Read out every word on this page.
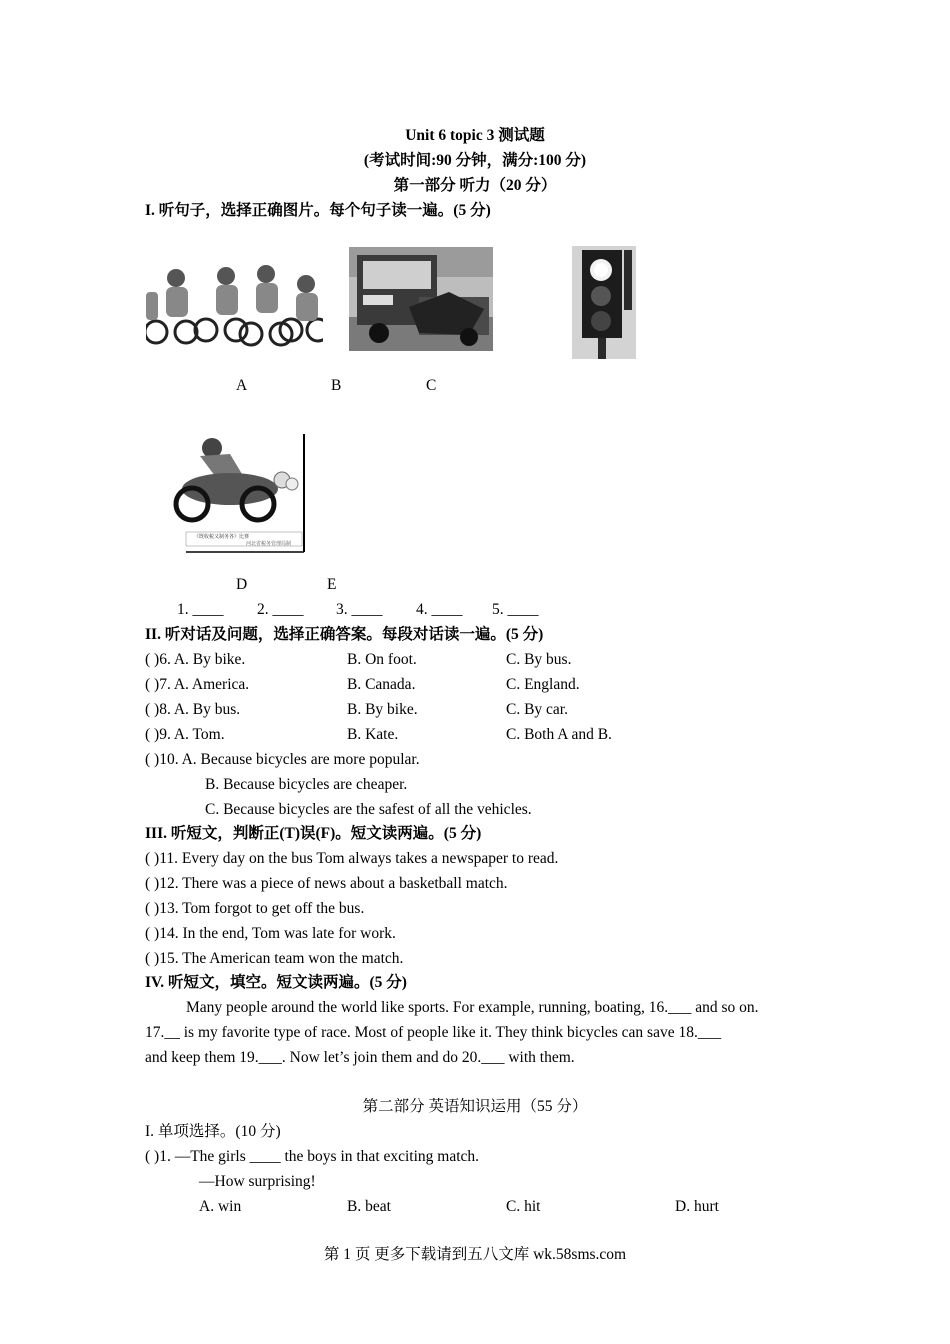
Unit 6 topic 3 测试题
(考试时间:90 分钟，满分:100 分)
第一部分 听力（20 分）
I. 听句子，选择正确图片。每个句子读一遍。(5 分)
A	B	C
《既收税又制务各》比赛
河北省税务管理局制
D	E
1. ____ 2. ____ 3. ____ 4. ____ 5. ____
II. 听对话及问题，选择正确答案。每段对话读一遍。(5 分)
( )6. A. By bike.	B. On foot.	C. By bus.
( )7. A. America.	B. Canada.	C. England.
( )8. A. By bus.	B. By bike.	C. By car.
( )9. A. Tom.	B. Kate.	C. Both A and B.
( )10. A. Because bicycles are more popular.
B. Because bicycles are cheaper.
C. Because bicycles are the safest of all the vehicles.
III. 听短文，判断正(T)误(F)。短文读两遍。(5 分)
( )11. Every day on the bus Tom always takes a newspaper to read.
( )12. There was a piece of news about a basketball match.
( )13. Tom forgot to get off the bus.
( )14. In the end, Tom was late for work.
( )15. The American team won the match.
IV. 听短文，填空。短文读两遍。(5 分)
Many people around the world like sports. For example, running, boating, 16.___ and so on.
17.__ is my favorite type of race. Most of people like it. They think bicycles can save 18.___
and keep them 19.___. Now let’s join them and do 20.___ with them.
第二部分 英语知识运用（55 分）
I. 单项选择。(10 分)
( )1. —The girls ____ the boys in that exciting match.
—How surprising!
A. win	B. beat	C. hit	D. hurt
第 1 页 更多下载请到五八文库 wk.58sms.com
